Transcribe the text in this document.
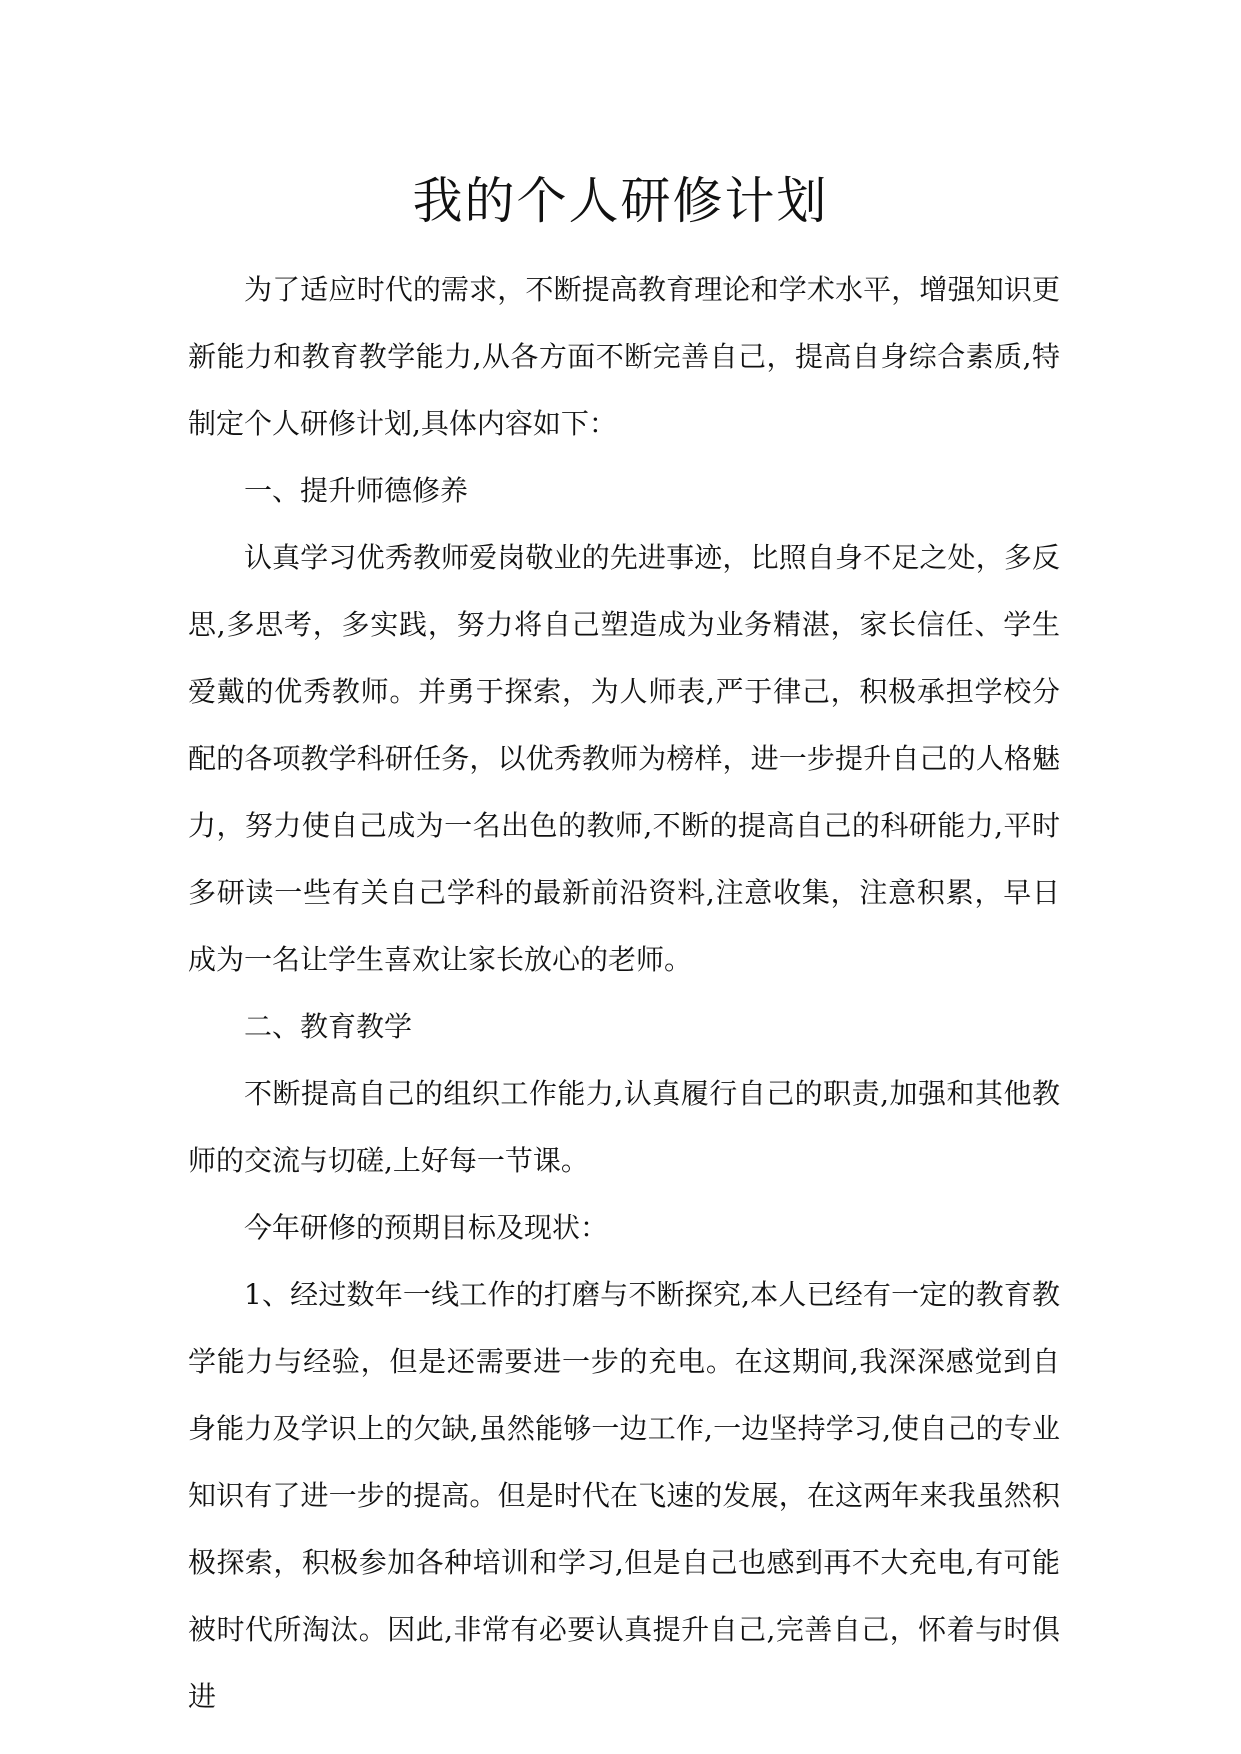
我的个人研修计划

为了适应时代的需求，不断提高教育理论和学术水平，增强知识更新能力和教育教学能力,从各方面不断完善自己，提高自身综合素质,特制定个人研修计划,具体内容如下：

一、提升师德修养

认真学习优秀教师爱岗敬业的先进事迹，比照自身不足之处，多反思,多思考，多实践，努力将自己塑造成为业务精湛，家长信任、学生爱戴的优秀教师。并勇于探索，为人师表,严于律己，积极承担学校分配的各项教学科研任务，以优秀教师为榜样，进一步提升自己的人格魅力，努力使自己成为一名出色的教师,不断的提高自己的科研能力,平时多研读一些有关自己学科的最新前沿资料,注意收集，注意积累，早日成为一名让学生喜欢让家长放心的老师。

二、教育教学

不断提高自己的组织工作能力,认真履行自己的职责,加强和其他教师的交流与切磋,上好每一节课。

今年研修的预期目标及现状：

1、经过数年一线工作的打磨与不断探究,本人已经有一定的教育教学能力与经验，但是还需要进一步的充电。在这期间,我深深感觉到自身能力及学识上的欠缺,虽然能够一边工作,一边坚持学习,使自己的专业知识有了进一步的提高。但是时代在飞速的发展，在这两年来我虽然积极探索，积极参加各种培训和学习,但是自己也感到再不大充电,有可能被时代所淘汰。因此,非常有必要认真提升自己,完善自己，怀着与时俱进
